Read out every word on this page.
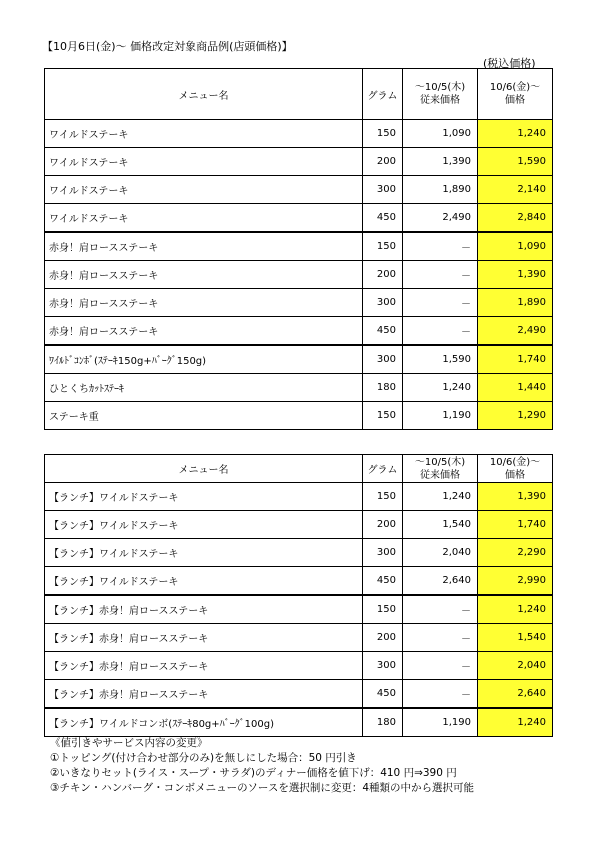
【10月6日(金)～ 価格改定対象商品例(店頭価格)】
(税込価格)
メニュー名	グラム	～10/5(木)
従来価格	10/6(金)～
価格
ワイルドステーキ	150	1,090	1,240
ワイルドステーキ	200	1,390	1,590
ワイルドステーキ	300	1,890	2,140
ワイルドステーキ	450	2,490	2,840
赤身！肩ロースステーキ	150	－	1,090
赤身！肩ロースステーキ	200	－	1,390
赤身！肩ロースステーキ	300	－	1,890
赤身！肩ロースステーキ	450	－	2,490
ﾜｲﾙﾄﾞｺﾝﾎﾞ(ｽﾃｰｷ150g+ﾊﾞｰｸﾞ150g)	300	1,590	1,740
ひとくちｶｯﾄｽﾃｰｷ	180	1,240	1,440
ステーキ重	150	1,190	1,290
メニュー名	グラム	～10/5(木)
従来価格	10/6(金)～
価格
【ランチ】ワイルドステーキ	150	1,240	1,390
【ランチ】ワイルドステーキ	200	1,540	1,740
【ランチ】ワイルドステーキ	300	2,040	2,290
【ランチ】ワイルドステーキ	450	2,640	2,990
【ランチ】赤身！肩ロースステーキ	150	－	1,240
【ランチ】赤身！肩ロースステーキ	200	－	1,540
【ランチ】赤身！肩ロースステーキ	300	－	2,040
【ランチ】赤身！肩ロースステーキ	450	－	2,640
【ランチ】ワイルドコンボ(ｽﾃｰｷ80g+ﾊﾞｰｸﾞ100g)	180	1,190	1,240
《値引きやサービス内容の変更》
①トッピング(付け合わせ部分のみ)を無しにした場合：50 円引き
②いきなりセット(ライス・スープ・サラダ)のディナー価格を値下げ：410 円⇒390 円
③チキン・ハンバーグ・コンボメニューのソースを選択制に変更：4種類の中から選択可能
